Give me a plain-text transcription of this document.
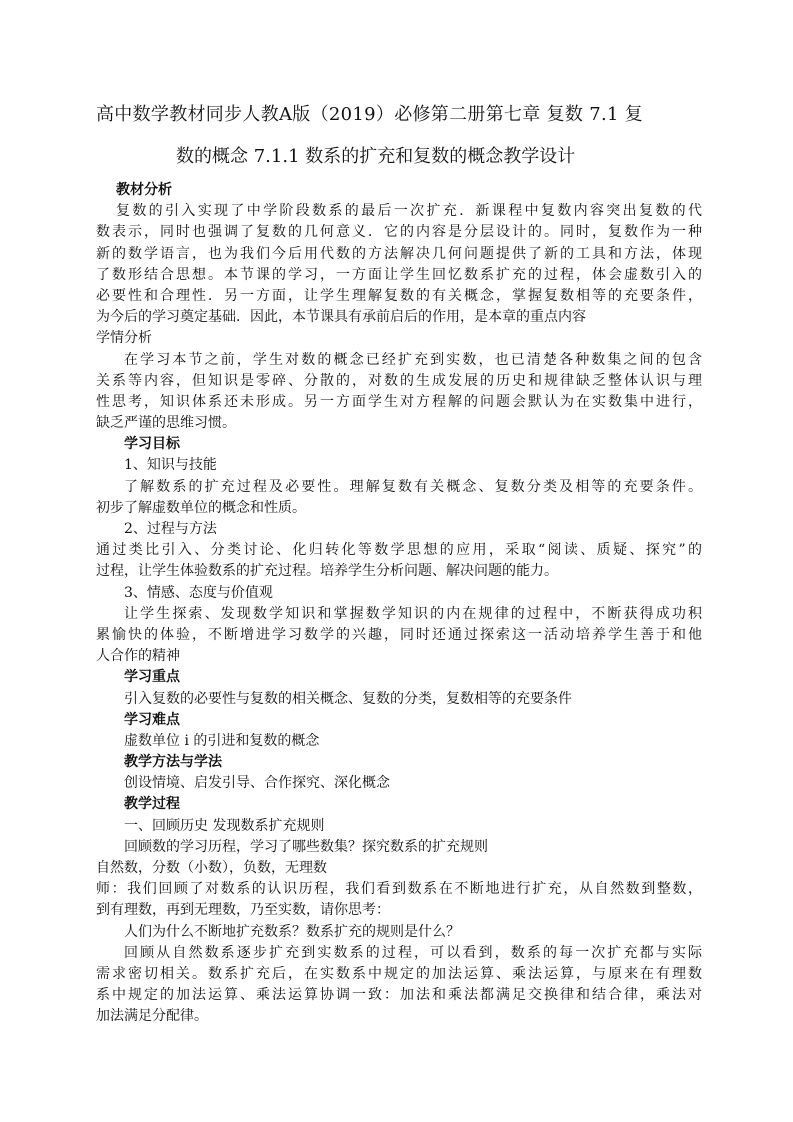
高中数学教材同步人教A版（2019）必修第二册第七章 复数 7.1 复
数的概念 7.1.1 数系的扩充和复数的概念教学设计
教材分析
复数的引入实现了中学阶段数系的最后一次扩充．新课程中复数内容突出复数的代
数表示，同时也强调了复数的几何意义．它的内容是分层设计的。同时，复数作为一种
新的数学语言，也为我们今后用代数的方法解决几何问题提供了新的工具和方法，体现
了数形结合思想。本节课的学习，一方面让学生回忆数系扩充的过程，体会虚数引入的
必要性和合理性．另一方面，让学生理解复数的有关概念，掌握复数相等的充要条件，
为今后的学习奠定基础．因此，本节课具有承前启后的作用，是本章的重点内容
学情分析
在学习本节之前，学生对数的概念已经扩充到实数，也已清楚各种数集之间的包含
关系等内容，但知识是零碎、分散的，对数的生成发展的历史和规律缺乏整体认识与理
性思考，知识体系还未形成。另一方面学生对方程解的问题会默认为在实数集中进行，
缺乏严谨的思维习惯。
学习目标
1、知识与技能
了解数系的扩充过程及必要性。理解复数有关概念、复数分类及相等的充要条件。
初步了解虚数单位的概念和性质。
2、过程与方法
通过类比引入、分类讨论、化归转化等数学思想的应用，采取“阅读、质疑、探究”的
过程，让学生体验数系的扩充过程。培养学生分析问题、解决问题的能力。
3、情感、态度与价值观
让学生探索、发现数学知识和掌握数学知识的内在规律的过程中，不断获得成功积
累愉快的体验，不断增进学习数学的兴趣，同时还通过探索这一活动培养学生善于和他
人合作的精神
学习重点
引入复数的必要性与复数的相关概念、复数的分类，复数相等的充要条件
学习难点
虚数单位 i 的引进和复数的概念
教学方法与学法
创设情境、启发引导、合作探究、深化概念
教学过程
一、回顾历史 发现数系扩充规则
回顾数的学习历程，学习了哪些数集？探究数系的扩充规则
自然数，分数（小数），负数，无理数
师：我们回顾了对数系的认识历程，我们看到数系在不断地进行扩充，从自然数到整数，
到有理数，再到无理数，乃至实数，请你思考：
人们为什么不断地扩充数系？数系扩充的规则是什么？
回顾从自然数系逐步扩充到实数系的过程，可以看到，数系的每一次扩充都与实际
需求密切相关。数系扩充后，在实数系中规定的加法运算、乘法运算，与原来在有理数
系中规定的加法运算、乘法运算协调一致：加法和乘法都满足交换律和结合律，乘法对
加法满足分配律。
